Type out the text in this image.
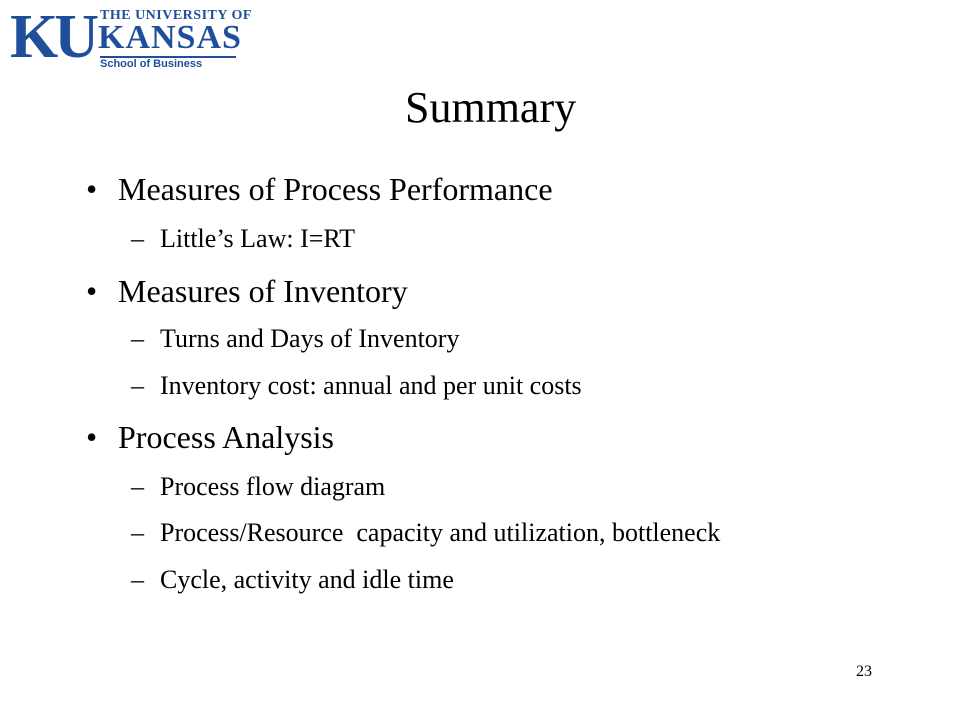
KU THE UNIVERSITY OF
KANSAS
School of Business
Summary
• Measures of Process Performance
– Little’s Law: I=RT
• Measures of Inventory
– Turns and Days of Inventory
– Inventory cost: annual and per unit costs
• Process Analysis
– Process flow diagram
– Process/Resource  capacity and utilization, bottleneck
– Cycle, activity and idle time
23
